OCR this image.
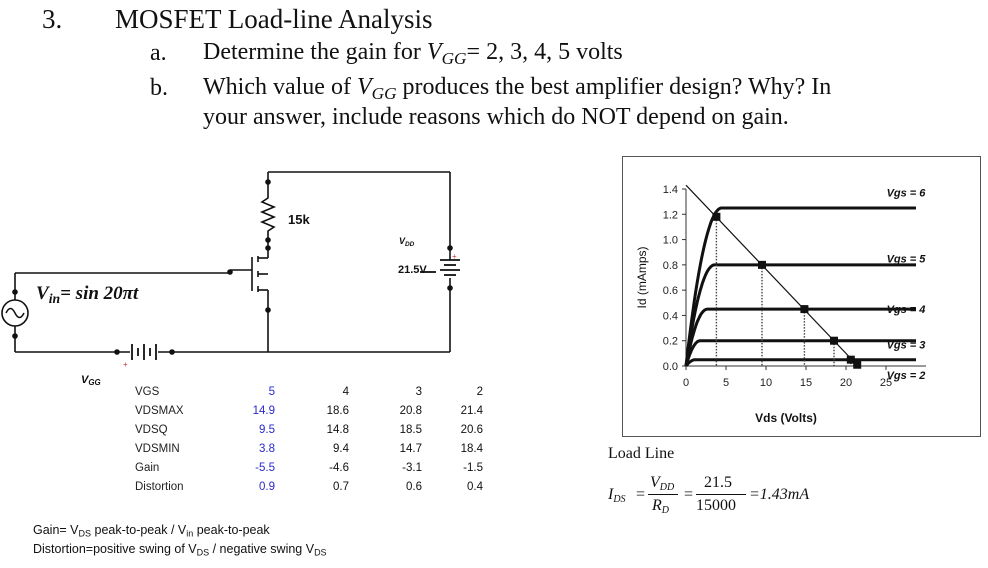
3. MOSFET Load-line Analysis
a. Determine the gain for $V_{GG}= 2$, 3, 4, 5 volts
b. Which value of $V_{GG}$ produces the best amplifier design? Why? In
your answer, include reasons which do NOT depend on gain.
15k
$V_{DD}$
21.5V
$V_{in}= \sin 20\pi t$
$V_{GG}$
+
+
VGS	5	4	3	2
VDSMAX	14.9	18.6	20.8	21.4
VDSQ	9.5	14.8	18.5	20.6
VDSMIN	3.8	9.4	14.7	18.4
Gain	-5.5	-4.6	-3.1	-1.5
Distortion	0.9	0.7	0.6	0.4
Gain= $V_{DS}$ peak-to-peak / $V_{in}$ peak-to-peak
Distortion=positive swing of $V_{DS}$ / negative swing $V_{DS}$
Load Line
$I_{DS}$ =
$V_{DD}$
$R_D$
=
21.5
15000
=1.43mA
0.0
0.2
0.4
0.6
0.8
1.0
1.2
1.4
0	5	10	15	20	25
Vds (Volts)
Id (mAmps)
Vgs = 6
Vgs = 5
Vgs = 4
Vgs = 3
Vgs = 2
